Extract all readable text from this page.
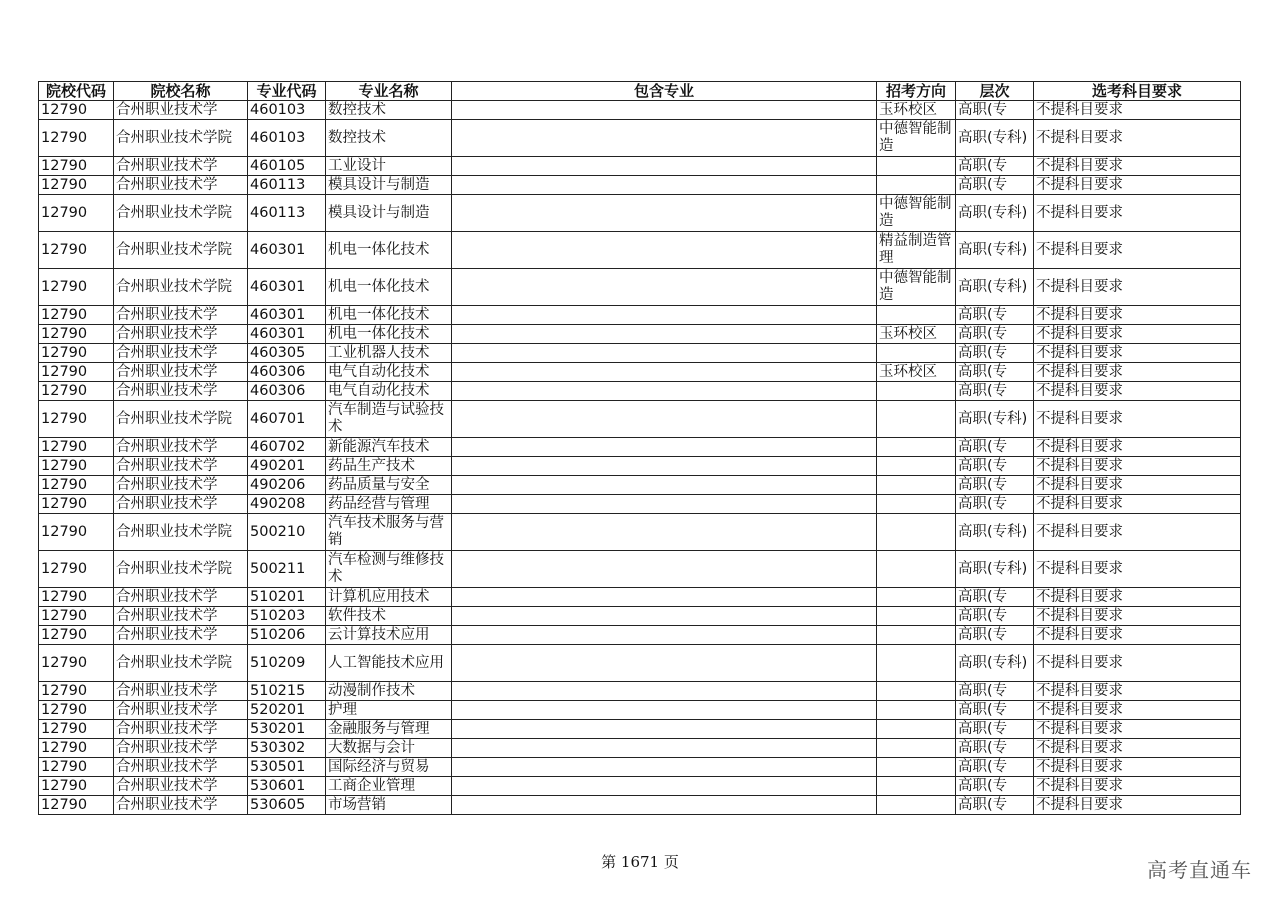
院校代码	院校名称	专业代码	专业名称	包含专业	招考方向	层次	选考科目要求
12790	合州职业技术学	460103	数控技术		玉环校区	高职(专	不提科目要求
12790	合州职业技术学院	460103	数控技术		中德智能制造	高职(专科)	不提科目要求
12790	合州职业技术学	460105	工业设计			高职(专	不提科目要求
12790	合州职业技术学	460113	模具设计与制造			高职(专	不提科目要求
12790	合州职业技术学院	460113	模具设计与制造		中德智能制造	高职(专科)	不提科目要求
12790	合州职业技术学院	460301	机电一体化技术		精益制造管理	高职(专科)	不提科目要求
12790	合州职业技术学院	460301	机电一体化技术		中德智能制造	高职(专科)	不提科目要求
12790	合州职业技术学	460301	机电一体化技术			高职(专	不提科目要求
12790	合州职业技术学	460301	机电一体化技术		玉环校区	高职(专	不提科目要求
12790	合州职业技术学	460305	工业机器人技术			高职(专	不提科目要求
12790	合州职业技术学	460306	电气自动化技术		玉环校区	高职(专	不提科目要求
12790	合州职业技术学	460306	电气自动化技术			高职(专	不提科目要求
12790	合州职业技术学院	460701	汽车制造与试验技术			高职(专科)	不提科目要求
12790	合州职业技术学	460702	新能源汽车技术			高职(专	不提科目要求
12790	合州职业技术学	490201	药品生产技术			高职(专	不提科目要求
12790	合州职业技术学	490206	药品质量与安全			高职(专	不提科目要求
12790	合州职业技术学	490208	药品经营与管理			高职(专	不提科目要求
12790	合州职业技术学院	500210	汽车技术服务与营销			高职(专科)	不提科目要求
12790	合州职业技术学院	500211	汽车检测与维修技术			高职(专科)	不提科目要求
12790	合州职业技术学	510201	计算机应用技术			高职(专	不提科目要求
12790	合州职业技术学	510203	软件技术			高职(专	不提科目要求
12790	合州职业技术学	510206	云计算技术应用			高职(专	不提科目要求
12790	合州职业技术学院	510209	人工智能技术应用			高职(专科)	不提科目要求
12790	合州职业技术学	510215	动漫制作技术			高职(专	不提科目要求
12790	合州职业技术学	520201	护理			高职(专	不提科目要求
12790	合州职业技术学	530201	金融服务与管理			高职(专	不提科目要求
12790	合州职业技术学	530302	大数据与会计			高职(专	不提科目要求
12790	合州职业技术学	530501	国际经济与贸易			高职(专	不提科目要求
12790	合州职业技术学	530601	工商企业管理			高职(专	不提科目要求
12790	合州职业技术学	530605	市场营销			高职(专	不提科目要求
第 1671 页	高考直通车
